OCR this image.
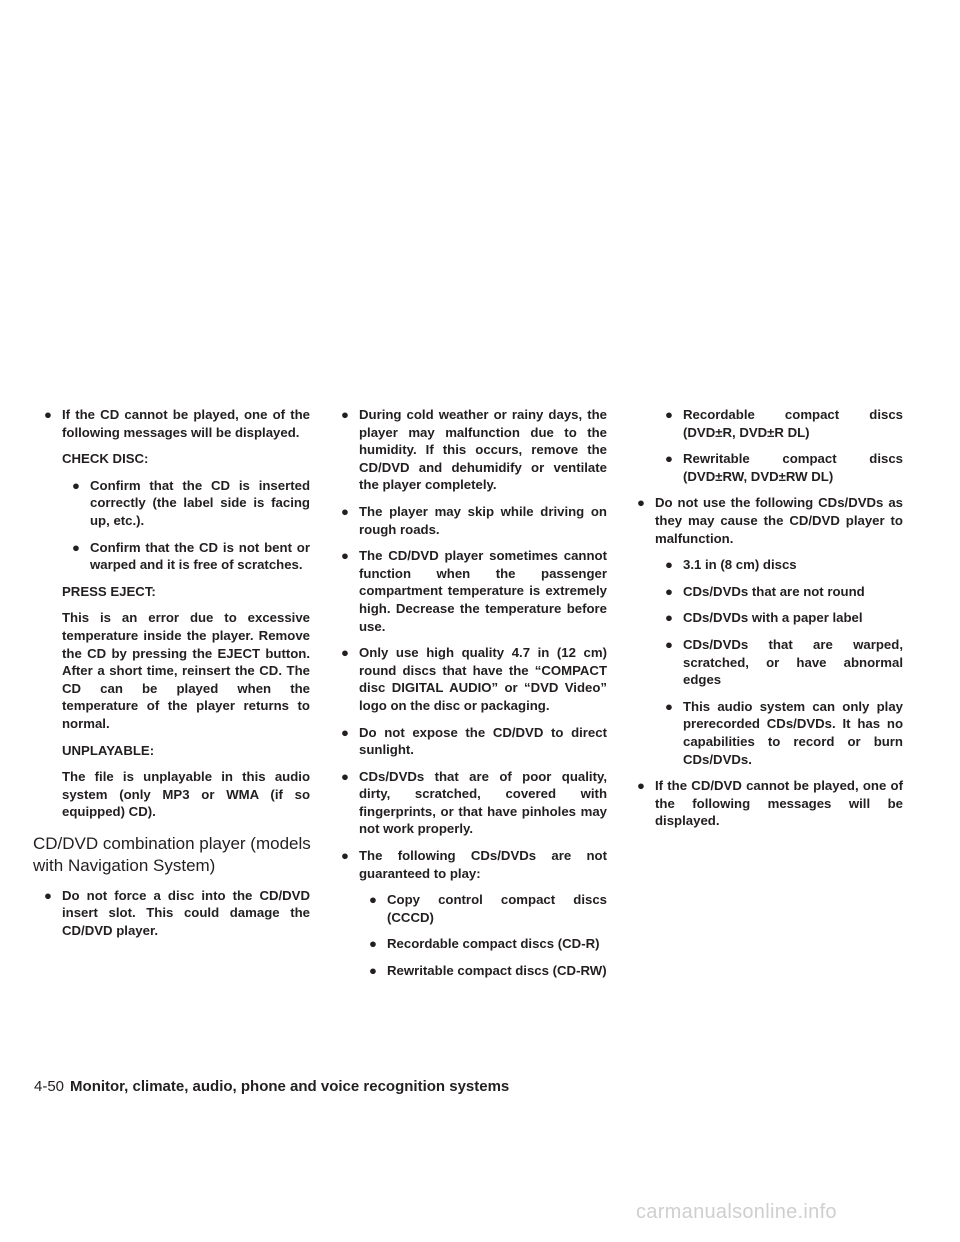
● If the CD cannot be played, one of the following messages will be displayed.
CHECK DISC:
● Confirm that the CD is inserted correctly (the label side is facing up, etc.).
● Confirm that the CD is not bent or warped and it is free of scratches.
PRESS EJECT:
This is an error due to excessive temperature inside the player. Remove the CD by pressing the EJECT button. After a short time, reinsert the CD. The CD can be played when the temperature of the player returns to normal.
UNPLAYABLE:
The file is unplayable in this audio system (only MP3 or WMA (if so equipped) CD).
CD/DVD combination player (models with Navigation System)
● Do not force a disc into the CD/DVD insert slot. This could damage the CD/DVD player.
● During cold weather or rainy days, the player may malfunction due to the humidity. If this occurs, remove the CD/DVD and dehumidify or ventilate the player completely.
● The player may skip while driving on rough roads.
● The CD/DVD player sometimes cannot function when the passenger compartment temperature is extremely high. Decrease the temperature before use.
● Only use high quality 4.7 in (12 cm) round discs that have the “COMPACT disc DIGITAL AUDIO” or “DVD Video” logo on the disc or packaging.
● Do not expose the CD/DVD to direct sunlight.
● CDs/DVDs that are of poor quality, dirty, scratched, covered with fingerprints, or that have pinholes may not work properly.
● The following CDs/DVDs are not guaranteed to play:
● Copy control compact discs (CCCD)
● Recordable compact discs (CD-R)
● Rewritable compact discs (CD-RW)
● Recordable compact discs (DVD±R, DVD±R DL)
● Rewritable compact discs (DVD±RW, DVD±RW DL)
● Do not use the following CDs/DVDs as they may cause the CD/DVD player to malfunction.
● 3.1 in (8 cm) discs
● CDs/DVDs that are not round
● CDs/DVDs with a paper label
● CDs/DVDs that are warped, scratched, or have abnormal edges
● This audio system can only play prerecorded CDs/DVDs. It has no capabilities to record or burn CDs/DVDs.
● If the CD/DVD cannot be played, one of the following messages will be displayed.
4-50 Monitor, climate, audio, phone and voice recognition systems
carmanualsonline.info
